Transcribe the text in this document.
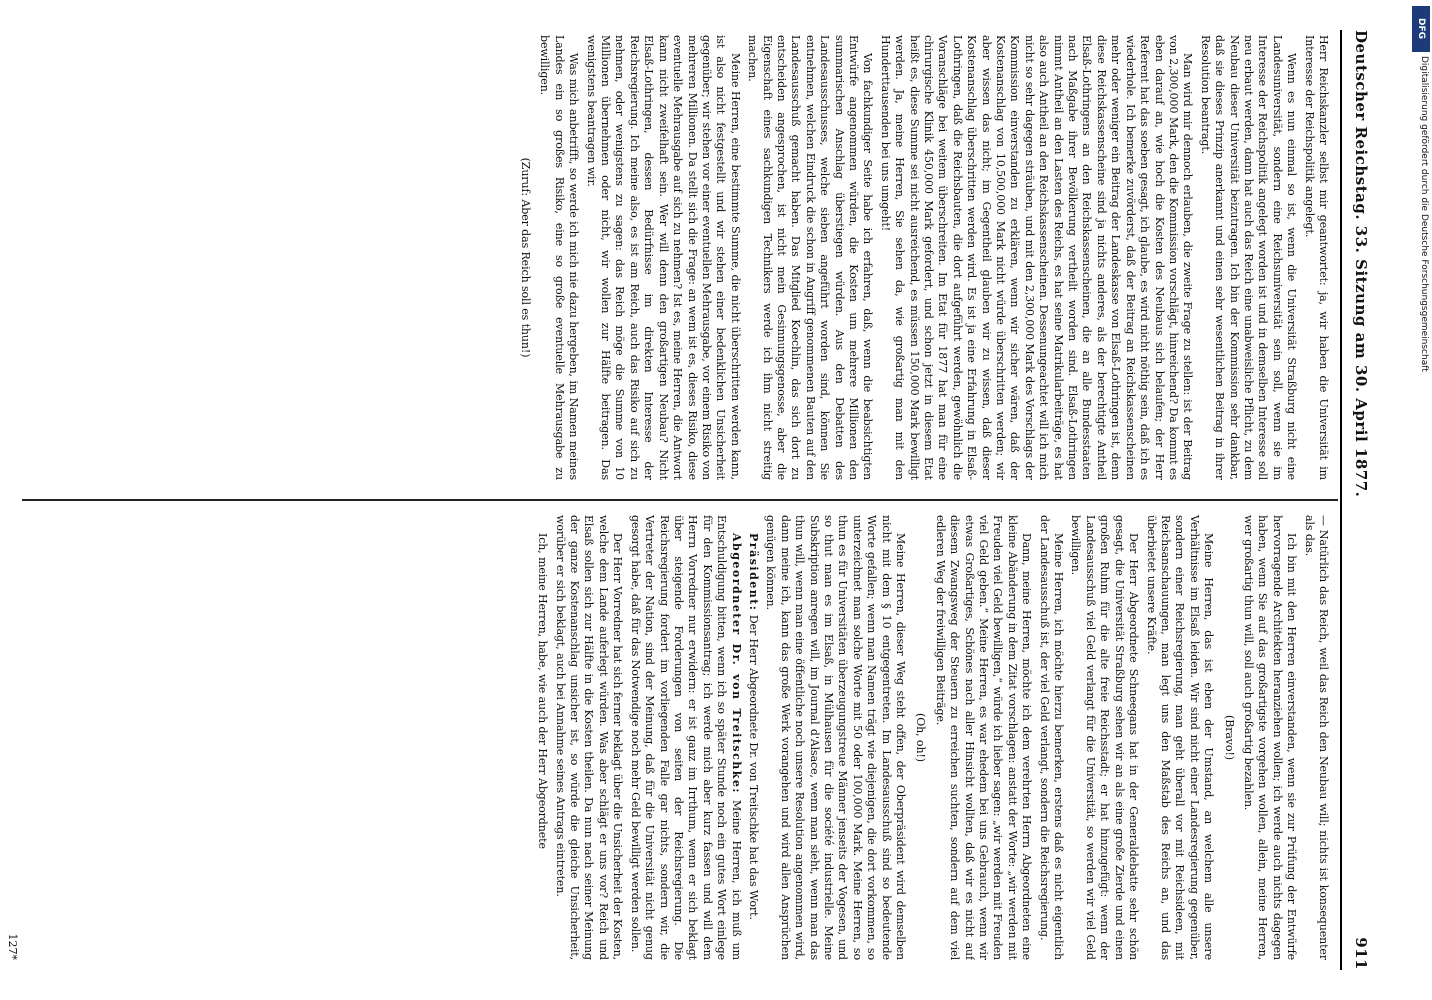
DFG
Digitalisierung gefördert durch die Deutsche Forschungsgemeinschaft
Deutscher Reichstag. 33. Sitzung am 30. April 1877.
911

Herr Reichskanzler selbst mir geantwortet: ja, wir haben die Universität im Interesse der Reichspolitik angelegt.

Wenn es nun einmal so ist, wenn die Universität Straßburg nicht eine Landesuniversität, sondern eine Reichsuniversität sein soll, wenn sie im Interesse der Reichspolitik angelegt worden ist und in demselben Interesse soll neu erbaut werden, dann hat auch das Reich eine unabweisliche Pflicht, zu dem Neubau dieser Universität beizutragen. Ich bin der Kommission sehr dankbar, daß sie dieses Prinzip anerkannt und einen sehr wesentlichen Beitrag in ihrer Resolution beantragt.

Man wird mir dennoch erlauben, die zweite Frage zu stellen: ist der Beitrag von 2,300,000 Mark, den die Kommission vorschlägt, hinreichend? Da kommt es eben darauf an, wie hoch die Kosten des Neubaus sich belaufen; der Herr Referent hat das soeben gesagt, ich glaube, es wird nicht nöthig sein, daß ich es wiederhole. Ich bemerke zuvörderst, daß der Beitrag an Reichskassenscheinen mehr oder weniger ein Beitrag der Landeskasse von Elsaß-Lothringen ist, denn diese Reichskassenscheine sind ja nichts anderes, als der berechtigte Antheil Elsaß-Lothringens an den Reichskassenscheinen, die an alle Bundesstaaten nach Maßgabe ihrer Bevölkerung vertheilt worden sind. Elsaß-Lothringen nimmt Antheil an den Lasten des Reichs, es hat seine Matrikularbeiträge, es hat also auch Antheil an den Reichskassenscheinen. Dessenungeachtet will ich mich nicht so sehr dagegen sträuben, und mit den 2,300,000 Mark des Vorschlags der Kommission einverstanden zu erklären, wenn wir sicher wären, daß der Kostenanschlag von 10,500,000 Mark nicht würde überschritten werden; wir aber wissen das nicht; im Gegentheil glauben wir zu wissen, daß dieser Kostenanschlag überschritten werden wird. Es ist ja eine Erfahrung in Elsaß-Lothringen, daß die Reichsbauten, die dort aufgeführt werden, gewöhnlich die Voranschläge bei weitem überschreiten. Im Etat für 1877 hat man für eine chirurgische Klinik 450,000 Mark gefordert, und schon jetzt in diesem Etat heißt es, diese Summe sei nicht ausreichend, es müssen 150,000 Mark bewilligt werden. Ja, meine Herren, Sie sehen da, wie großartig man mit den Hunderttausenden bei uns umgeht!

Von fachkundiger Seite habe ich erfahren, daß, wenn die beabsichtigten Entwürfe angenommen würden, die Kosten um mehrere Millionen den summarischen Anschlag überstiegen würden. Aus den Debatten des Landesausschusses, welche sieben angeführt worden sind, können Sie entnehmen, welchen Eindruck die schon in Angriff genommenen Bauten auf den Landesausschuß gemacht haben. Das Mitglied Koechlin, das sich dort zu entscheiden angesprochen, ist nicht mein Gesinnungsgenosse, aber die Eigenschaft eines sachkundigen Technikers werde ich ihm nicht streitig machen.

Meine Herren, eine bestimmte Summe, die nicht überschritten werden kann, ist also nicht festgestellt und wir stehen einer bedenklichen Unsicherheit gegenüber; wir stehen vor einer eventuellen Mehrausgabe, vor einem Risiko von mehreren Millionen. Da stellt sich die Frage: an wem ist es, dieses Risiko, diese eventuelle Mehrausgabe auf sich zu nehmen? Ist es, meine Herren, die Antwort kann nicht zweifelhaft sein. Wer will denn den großartigen Neubau? Nicht Elsaß-Lothringen, dessen Bedürfnisse im direkten Interesse der Reichsregierung. Ich meine also, es ist am Reich, auch das Risiko auf sich zu nehmen, oder wenigstens zu sagen: das Reich möge die Summe von 10 Millionen übernehmen oder nicht, wir wollen zur Hälfte beitragen. Das wenigstens beantragen wir.

Was mich anbetrifft, so werde ich mich nie dazu hergeben, im Namen meines Landes ein so großes Risiko, eine so große eventuelle Mehrausgabe zu bewilligen.

(Zuruf: Aber das Reich soll es thun!)

— Natürlich das Reich, weil das Reich den Neubau will; nichts ist konsequenter als das.

Ich bin mit den Herren einverstanden, wenn sie zur Prüfung der Entwürfe hervorragende Architekten heranziehen wollen; ich werde auch nichts dagegen haben, wenn Sie auf das großartigste vorgehen wollen, allein, meine Herren, wer großartig thun will, soll auch großartig bezahlen.

(Bravo!)

Meine Herren, das ist eben der Umstand, an welchem alle unsere Verhältnisse im Elsaß leiden. Wir sind nicht einer Landesregierung gegenüber, sondern einer Reichsregierung, man geht überall vor mit Reichsideen, mit Reichsanschauungen, man legt uns den Maßstab des Reichs an, und das überbietet unsere Kräfte.

Der Herr Abgeordnete Schneegans hat in der Generaldebatte sehr schön gesagt, die Universität Straßburg sehen wir an als eine große Zierde und einen großen Ruhm für die alte freie Reichsstadt; er hat hinzugefügt: wenn der Landesausschuß viel Geld verlangt für die Universität, so werden wir viel Geld bewilligen.

Meine Herren, ich möchte hierzu bemerken, erstens daß es nicht eigentlich der Landesausschuß ist, der viel Geld verlangt, sondern die Reichsregierung.

Dann, meine Herren, möchte ich dem verehrten Herrn Abgeordneten eine kleine Abänderung in dem Zitat vorschlagen: anstatt der Worte: „wir werden mit Freuden viel Geld bewilligen,“ würde ich lieber sagen: „wir werden mit Freuden viel Geld geben.“ Meine Herren, es war ehedem bei uns Gebrauch, wenn wir etwas Großartiges, Schönes nach aller Hinsicht wollten, daß wir es nicht auf diesem Zwangsweg der Steuern zu erreichen suchten, sondern auf dem viel edleren Weg der freiwilligen Beiträge.

(Oh, oh!)

Meine Herren, dieser Weg steht offen, der Oberpräsident wird demselben nicht mit dem § 10 entgegentreten. Im Landesausschuß sind so bedeutende Worte gefallen; wenn man Namen trägt wie diejenigen, die dort vorkommen, so unterzeichnet man solche Worte mit 50 oder 100,000 Mark. Meine Herren, so thun es für Universitäten überzeugungstreue Männer jenseits der Vogesen, und so thut man es im Elsaß, in Mülhausen für die société industrielle. Meine Subskription anregen will, im Journal d'Alsace, wenn man sieht, wenn man das thun will, wenn man eine öffentliche noch unsere Resolution angenommen wird, dann meine ich, kann das große Werk vorangehen und wird allen Ansprüchen genügen können.

Präsident: Der Herr Abgeordnete Dr. von Treitschke hat das Wort.

Abgeordneter Dr. von Treitschke: Meine Herren, ich muß um Entschuldigung bitten, wenn ich so später Stunde noch ein gutes Wort einlege für den Kommissionsantrag; ich werde mich aber kurz fassen und will dem Herrn Vorredner nur erwidern: er ist ganz im Irrthum, wenn er sich beklagt über steigende Forderungen von seiten der Reichsregierung. Die Reichsregierung fordert im vorliegenden Falle gar nichts, sondern wir, die Vertreter der Nation, sind der Meinung, daß für die Universität nicht genug gesorgt habe, daß für das Notwendige noch mehr Geld bewilligt werden sollen.

Der Herr Vorredner hat sich ferner beklagt über die Unsicherheit der Kosten, welche dem Lande auferlegt würden. Was aber schlägt er uns vor? Reich und Elsaß sollen sich zur Hälfte in die Kosten theilen. Da nun nach seiner Meinung der ganze Kostenanschlag unsicher ist, so würde die gleiche Unsicherheit, worüber er sich beklagt, auch bei Annahme seines Antrags eintreten.

Ich, meine Herren, habe, wie auch der Herr Abgeordnete

127*
